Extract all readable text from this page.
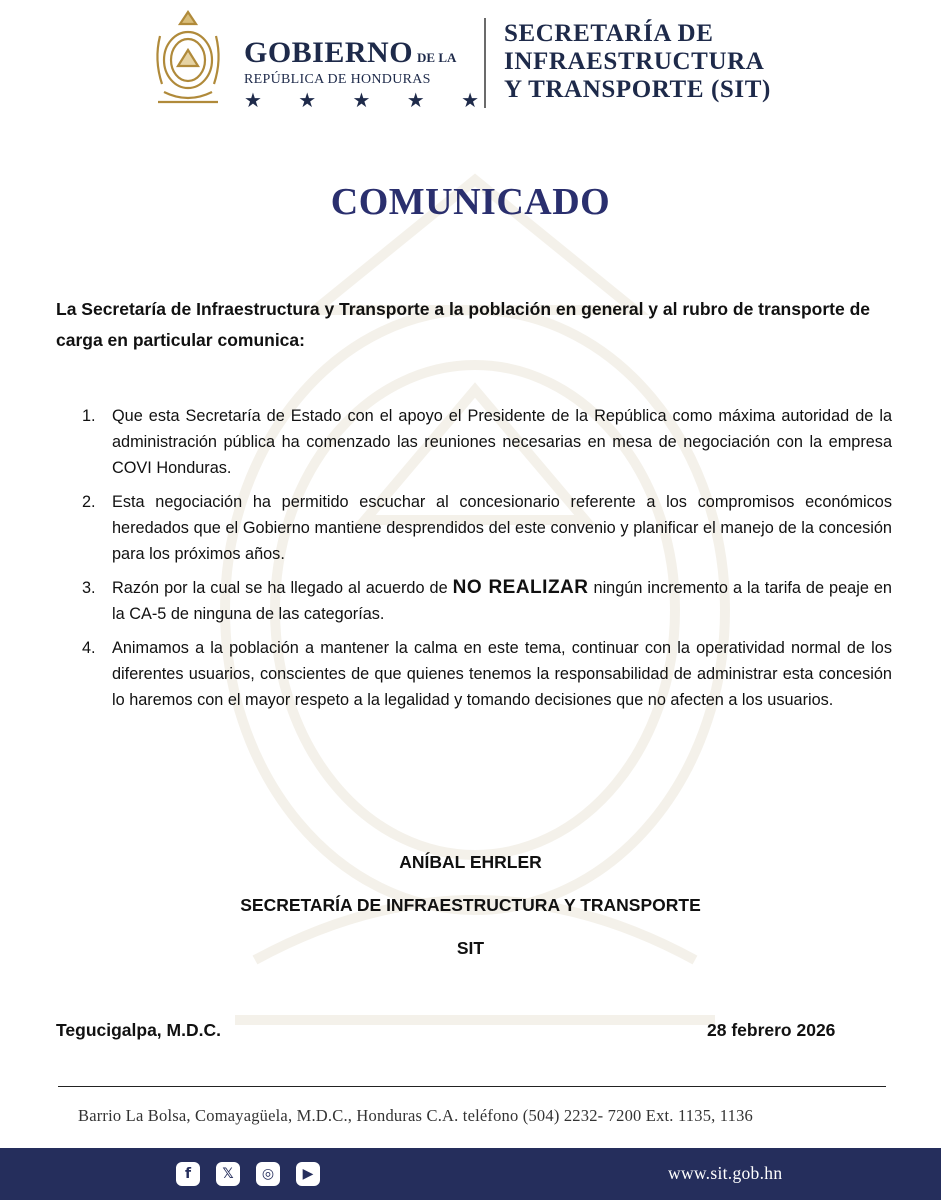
GOBIERNO DE LA
REPÚBLICA DE HONDURAS
★ ★ ★ ★ ★
SECRETARÍA DE
INFRAESTRUCTURA
Y TRANSPORTE (SIT)
COMUNICADO
La Secretaría de Infraestructura y Transporte a la población en general y al rubro de transporte de carga en particular comunica:
1. Que esta Secretaría de Estado con el apoyo el Presidente de la República como máxima autoridad de la administración pública ha comenzado las reuniones necesarias en mesa de negociación con la empresa COVI Honduras.
2. Esta negociación ha permitido escuchar al concesionario referente a los compromisos económicos heredados que el Gobierno mantiene desprendidos del este convenio y planificar el manejo de la concesión para los próximos años.
3. Razón por la cual se ha llegado al acuerdo de NO REALIZAR ningún incremento a la tarifa de peaje en la CA-5 de ninguna de las categorías.
4. Animamos a la población a mantener la calma en este tema, continuar con la operatividad normal de los diferentes usuarios, conscientes de que quienes tenemos la responsabilidad de administrar esta concesión lo haremos con el mayor respeto a la legalidad y tomando decisiones que no afecten a los usuarios.
ANÍBAL EHRLER
SECRETARÍA DE INFRAESTRUCTURA Y TRANSPORTE
SIT
Tegucigalpa, M.D.C.	28 febrero 2026
Barrio La Bolsa, Comayagüela, M.D.C., Honduras C.A. teléfono (504) 2232- 7200 Ext. 1135, 1136
f	𝕏	◎	▶	www.sit.gob.hn
